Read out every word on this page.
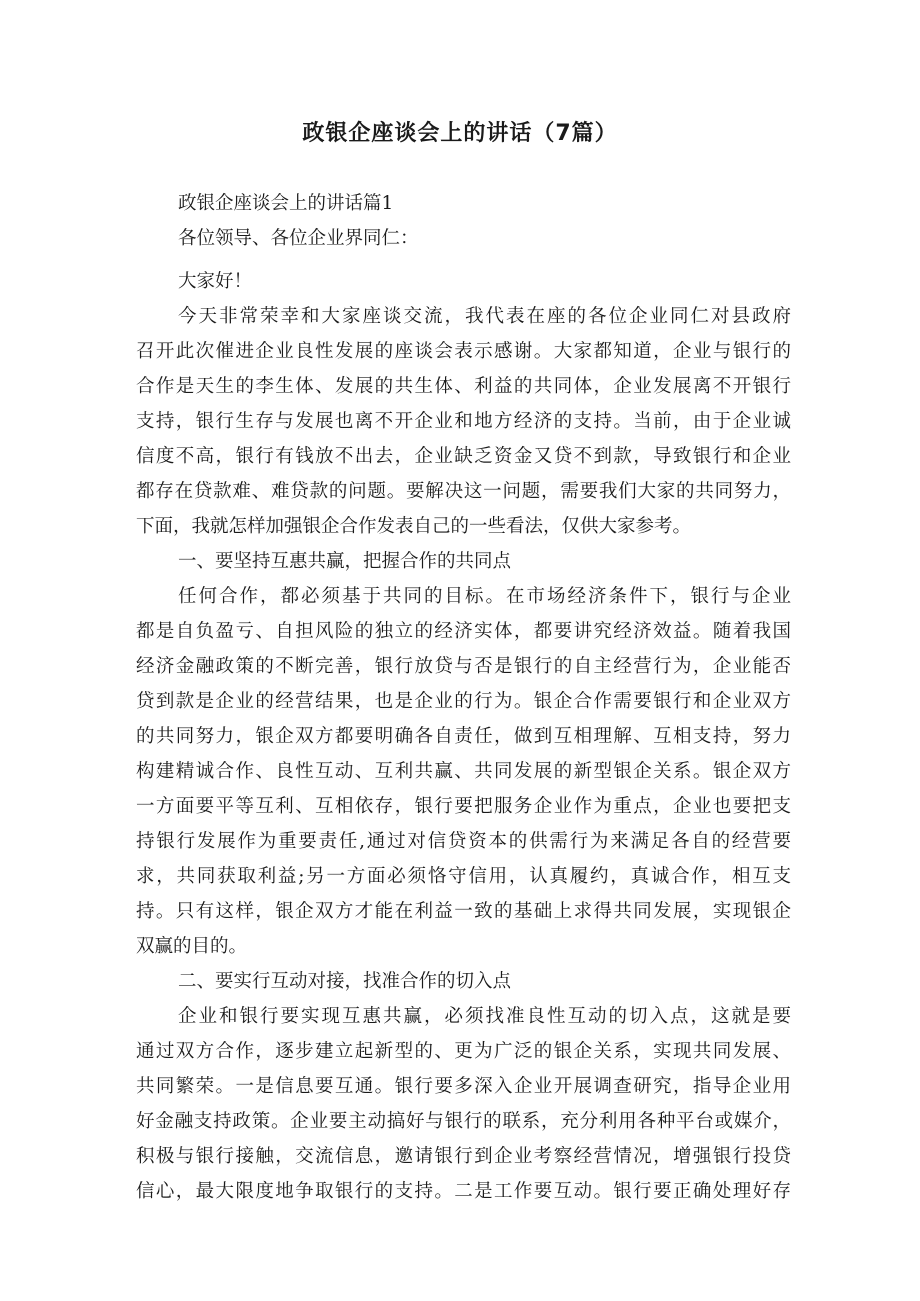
政银企座谈会上的讲话（7篇）
政银企座谈会上的讲话篇1
各位领导、各位企业界同仁：
大家好！
今天非常荣幸和大家座谈交流，我代表在座的各位企业同仁对县政府
召开此次催进企业良性发展的座谈会表示感谢。大家都知道，企业与银行的
合作是天生的李生体、发展的共生体、利益的共同体，企业发展离不开银行
支持，银行生存与发展也离不开企业和地方经济的支持。当前，由于企业诚
信度不高，银行有钱放不出去，企业缺乏资金又贷不到款，导致银行和企业
都存在贷款难、难贷款的问题。要解决这一问题，需要我们大家的共同努力，
下面，我就怎样加强银企合作发表自己的一些看法，仅供大家参考。
一、要坚持互惠共赢，把握合作的共同点
任何合作，都必须基于共同的目标。在市场经济条件下，银行与企业
都是自负盈亏、自担风险的独立的经济实体，都要讲究经济效益。随着我国
经济金融政策的不断完善，银行放贷与否是银行的自主经营行为，企业能否
贷到款是企业的经营结果，也是企业的行为。银企合作需要银行和企业双方
的共同努力，银企双方都要明确各自责任，做到互相理解、互相支持，努力
构建精诚合作、良性互动、互利共赢、共同发展的新型银企关系。银企双方
一方面要平等互利、互相依存，银行要把服务企业作为重点，企业也要把支
持银行发展作为重要责任,通过对信贷资本的供需行为来满足各自的经营要
求，共同获取利益;另一方面必须恪守信用，认真履约，真诚合作，相互支
持。只有这样，银企双方才能在利益一致的基础上求得共同发展，实现银企
双赢的目的。
二、要实行互动对接，找准合作的切入点
企业和银行要实现互惠共赢，必须找准良性互动的切入点，这就是要
通过双方合作，逐步建立起新型的、更为广泛的银企关系，实现共同发展、
共同繁荣。一是信息要互通。银行要多深入企业开展调查研究，指导企业用
好金融支持政策。企业要主动搞好与银行的联系，充分利用各种平台或媒介，
积极与银行接触，交流信息，邀请银行到企业考察经营情况，增强银行投贷
信心，最大限度地争取银行的支持。二是工作要互动。银行要正确处理好存
